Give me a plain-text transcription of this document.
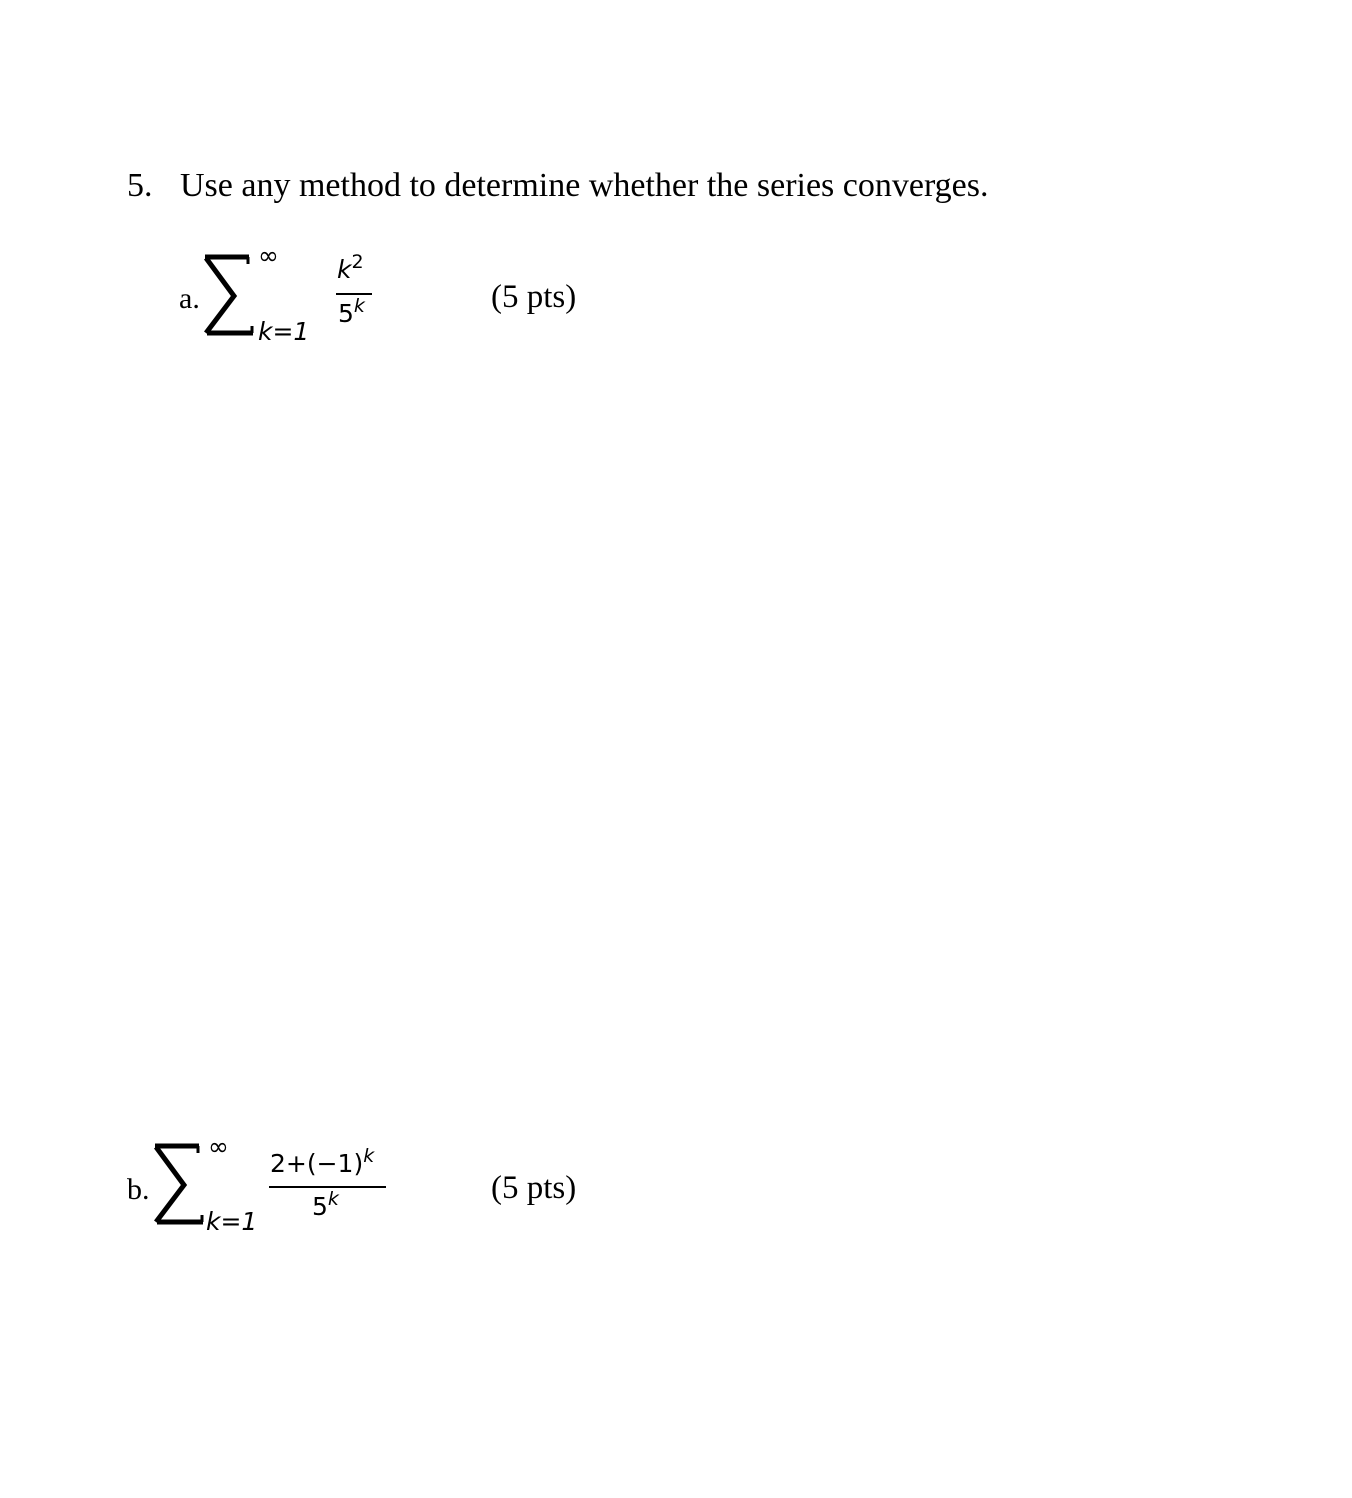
5. Use any method to determine whether the series converges.
a.
∞
k=1
$k^2$
5$^k$	(5 pts)
b.
∞
k=1
$2+(-1)^k$
5$^k$	(5 pts)
